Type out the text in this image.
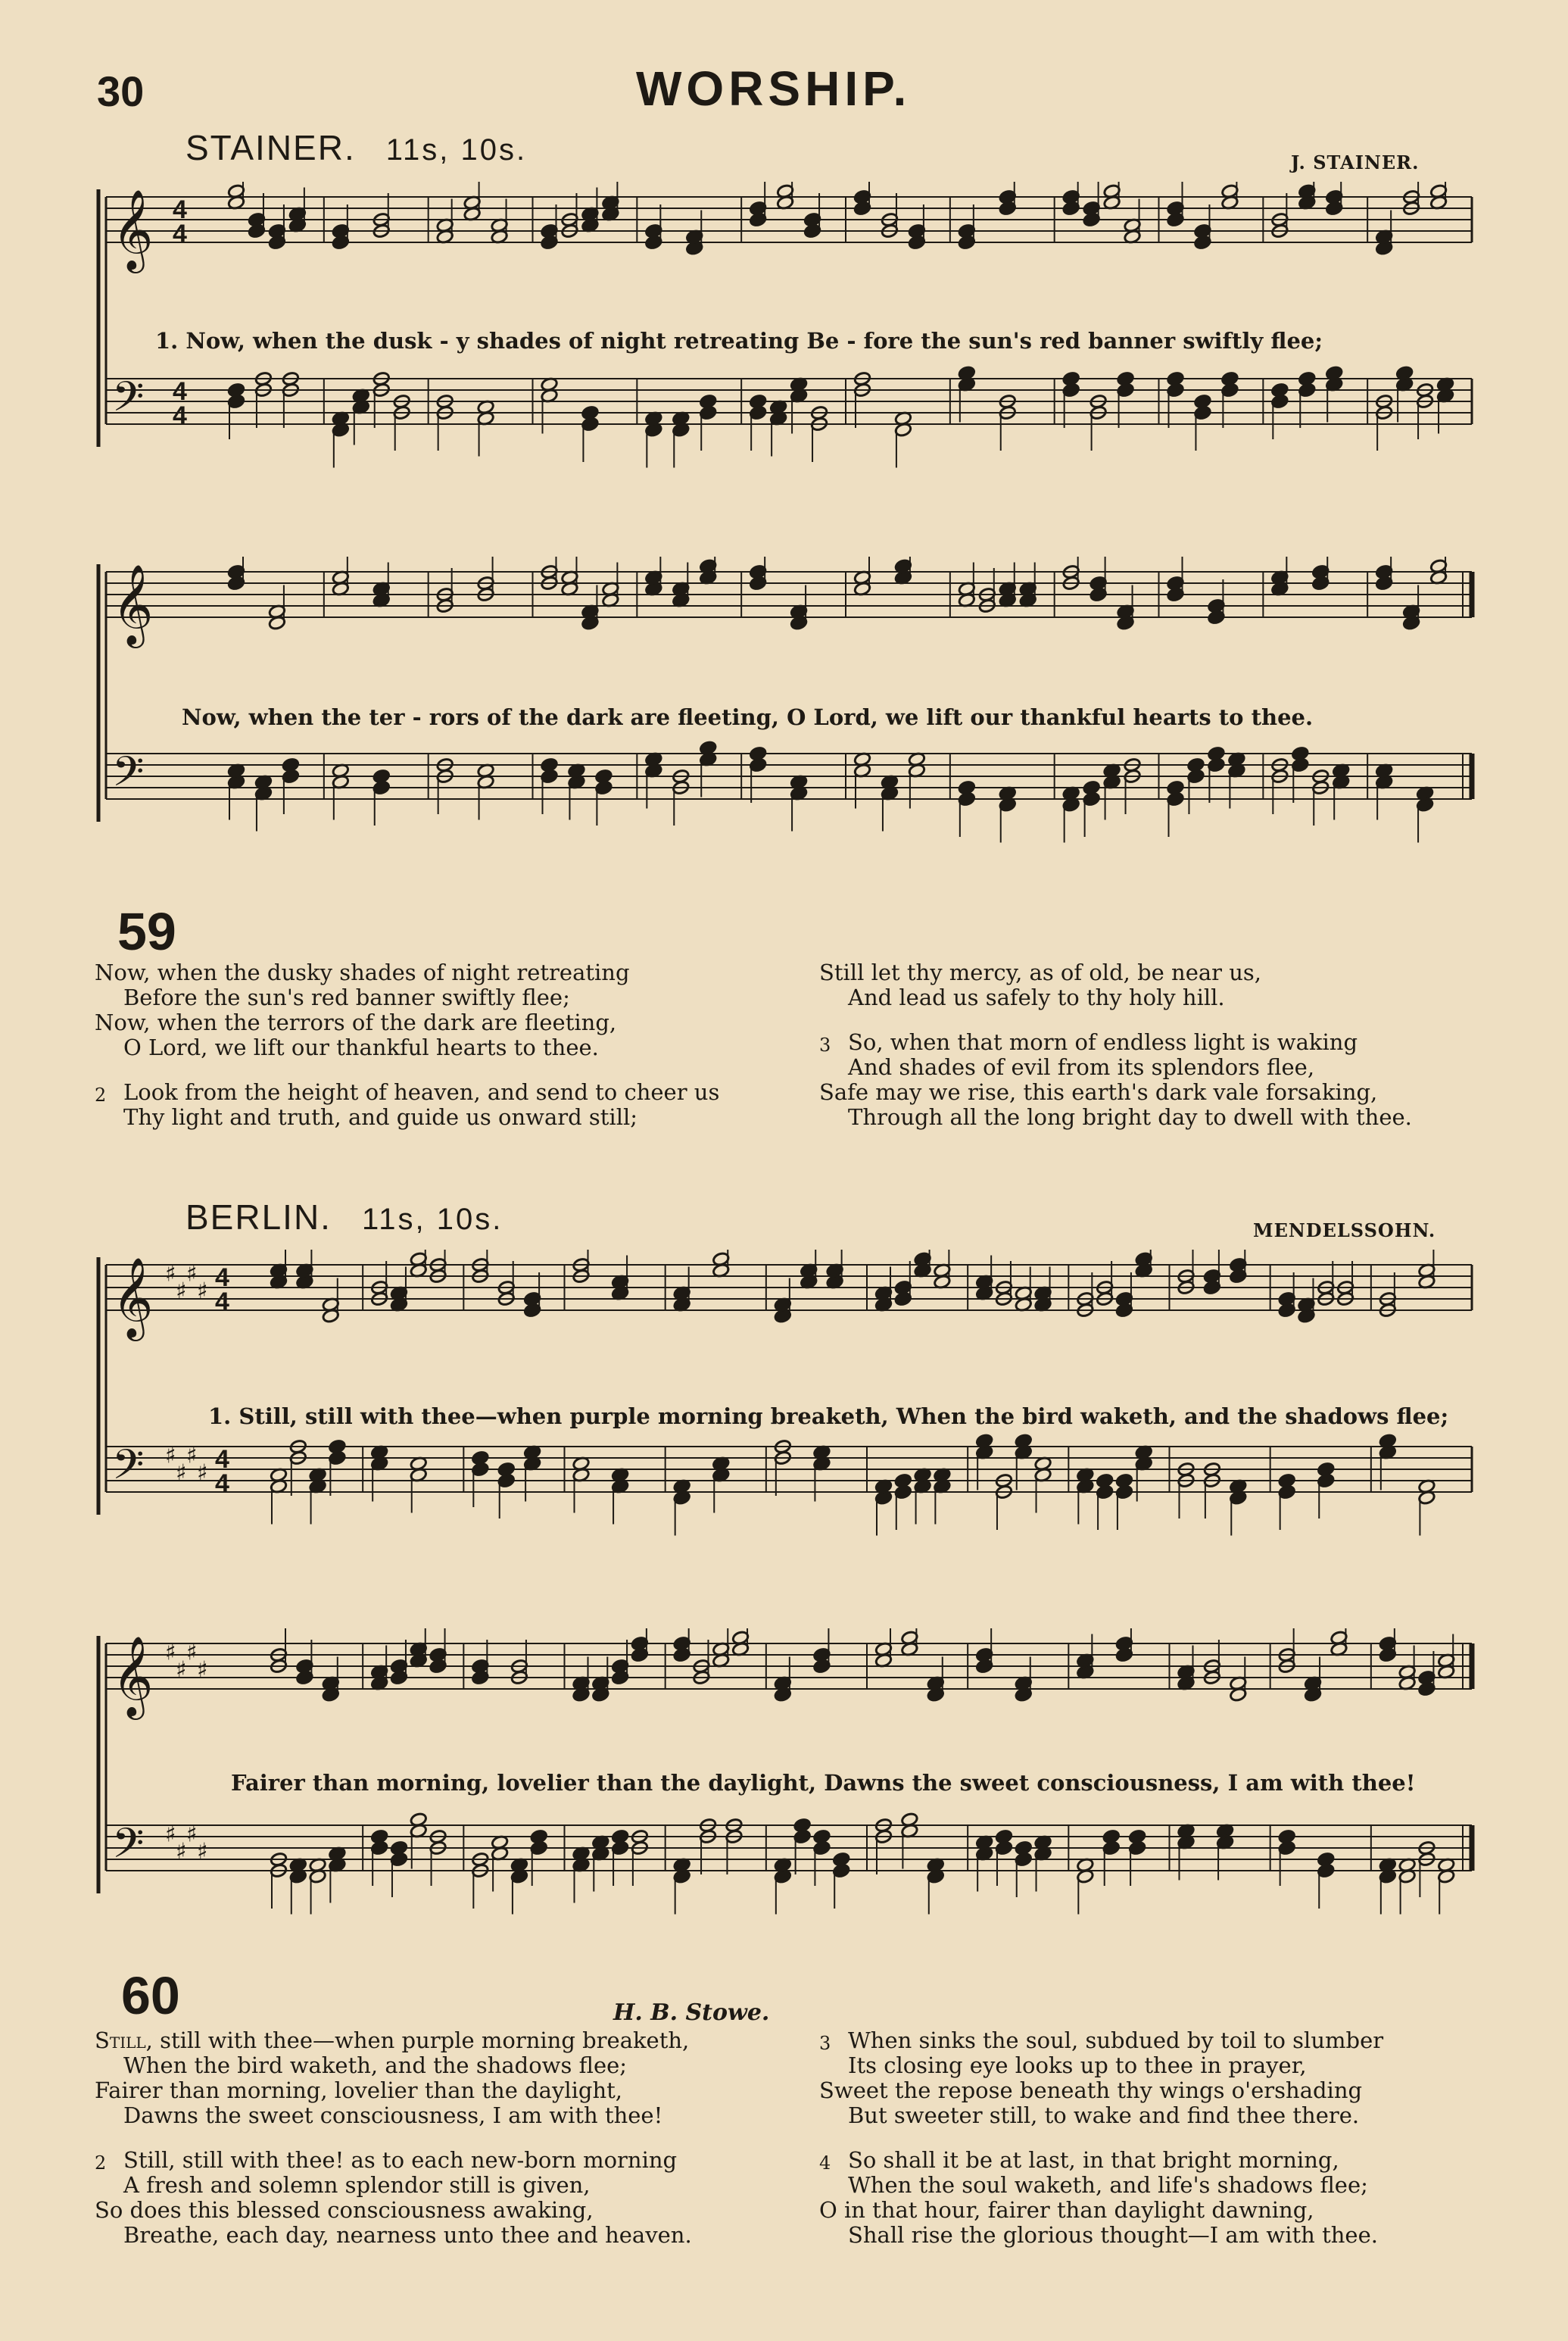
30	WORSHIP.
STAINER. 11s, 10s.	J. STAINER.
𝄞 4
4
𝄢 4
4
1. Now, when the dusk - y shades of night retreating Be - fore the sun's red banner swiftly flee;
𝄞
𝄢
Now, when the ter - rors of the dark are fleeting, O Lord, we lift our thankful hearts to thee.
59

Now, when the dusky shades of night retreating

Before the sun's red banner swiftly flee;

Now, when the terrors of the dark are fleeting,

O Lord, we lift our thankful hearts to thee.

2 Look from the height of heaven, and send to cheer us

Thy light and truth, and guide us onward still;

Still let thy mercy, as of old, be near us,

And lead us safely to thy holy hill.

3 So, when that morn of endless light is waking

And shades of evil from its splendors flee,

Safe may we rise, this earth's dark vale forsaking,

Through all the long bright day to dwell with thee.

BERLIN. 11s, 10s.	MENDELSSOHN.
𝄞 ♯
♯
♯
♯ 4
4
𝄢 ♯
♯
♯
♯ 4
4
1. Still, still with thee—when purple morning breaketh, When the bird waketh, and the shadows flee;
𝄞 ♯
♯
♯
♯
𝄢 ♯
♯
♯
♯
Fairer than morning, lovelier than the daylight, Dawns the sweet consciousness, I am with thee!
60	H. B. Stowe.

Still, still with thee—when purple morning breaketh,

When the bird waketh, and the shadows flee;

Fairer than morning, lovelier than the daylight,

Dawns the sweet consciousness, I am with thee!

2 Still, still with thee! as to each new-born morning

A fresh and solemn splendor still is given,

So does this blessed consciousness awaking,

Breathe, each day, nearness unto thee and heaven.

3 When sinks the soul, subdued by toil to slumber

Its closing eye looks up to thee in prayer,

Sweet the repose beneath thy wings o'ershading

But sweeter still, to wake and find thee there.

4 So shall it be at last, in that bright morning,

When the soul waketh, and life's shadows flee;

O in that hour, fairer than daylight dawning,

Shall rise the glorious thought—I am with thee.
